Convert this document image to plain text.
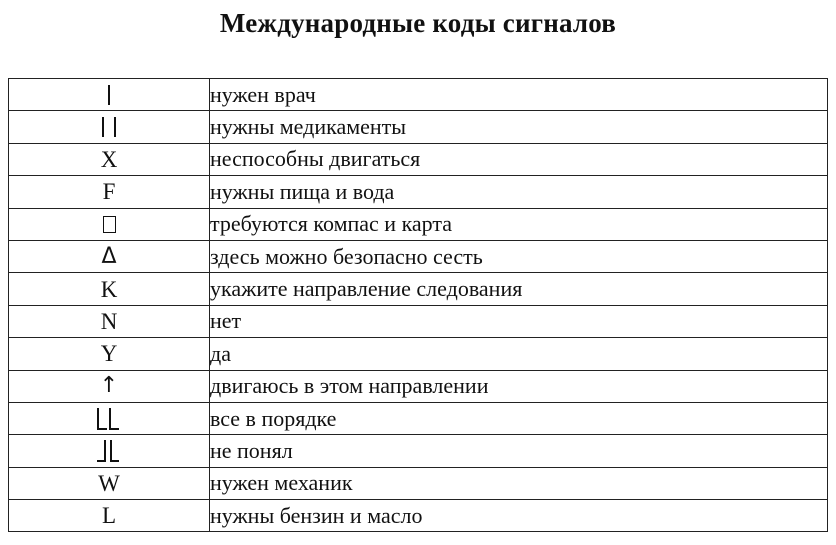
Международные коды сигналов
	нужен врач
	нужны медикаменты
X	неспособны двигаться
F	нужны пища и вода
	требуются компас и карта
Δ	здесь можно безопасно сесть
K	укажите направление следования
N	нет
Y	да
↑	двигаюсь в этом направлении

	все в порядке

	не понял
W	нужен механик
L	нужны бензин и масло
